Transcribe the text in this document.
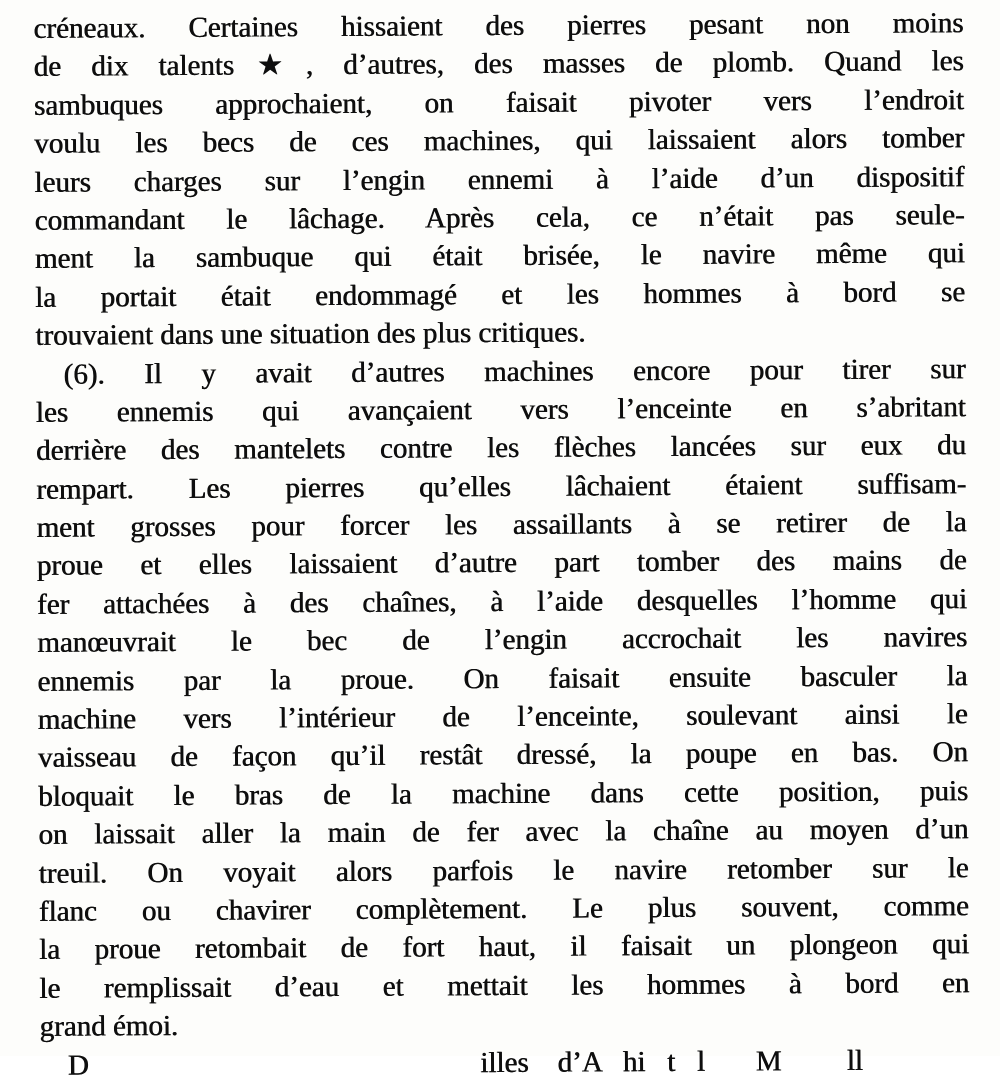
créneaux. Certaines hissaient des pierres pesant non moins
de dix talents★, d’autres, des masses de plomb. Quand les
sambuques approchaient, on faisait pivoter vers l’endroit
voulu les becs de ces machines, qui laissaient alors tomber
leurs charges sur l’engin ennemi à l’aide d’un dispositif
commandant le lâchage. Après cela, ce n’était pas seule-
ment la sambuque qui était brisée, le navire même qui
la portait était endommagé et les hommes à bord se
trouvaient dans une situation des plus critiques.
(6). Il y avait d’autres machines encore pour tirer sur
les ennemis qui avançaient vers l’enceinte en s’abritant
derrière des mantelets contre les flèches lancées sur eux du
rempart. Les pierres qu’elles lâchaient étaient suffisam-
ment grosses pour forcer les assaillants à se retirer de la
proue et elles laissaient d’autre part tomber des mains de
fer attachées à des chaînes, à l’aide desquelles l’homme qui
manœuvrait le bec de l’engin accrochait les navires
ennemis par la proue. On faisait ensuite basculer la
machine vers l’intérieur de l’enceinte, soulevant ainsi le
vaisseau de façon qu’il restât dressé, la poupe en bas. On
bloquait le bras de la machine dans cette position, puis
on laissait aller la main de fer avec la chaîne au moyen d’un
treuil. On voyait alors parfois le navire retomber sur le
flanc ou chavirer complètement. Le plus souvent, comme
la proue retombait de fort haut, il faisait un plongeon qui
le remplissait d’eau et mettait les hommes à bord en
grand émoi.
D                                                      illes    d’A   hi   t   l       M         ll
